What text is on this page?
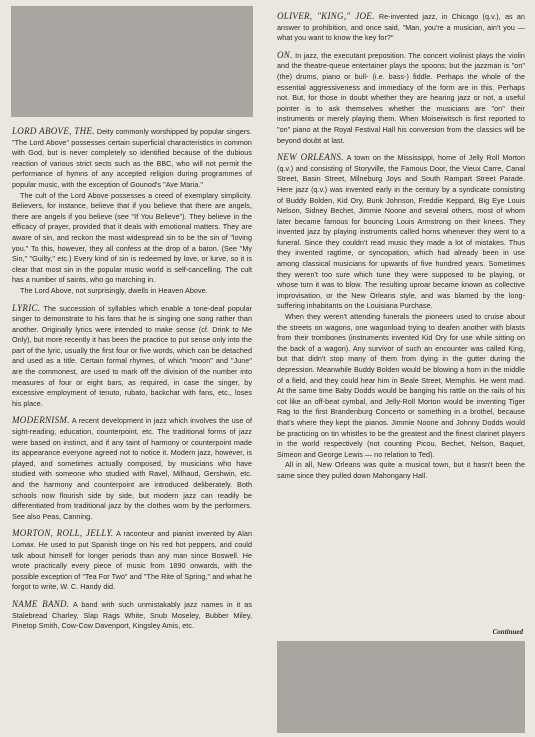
LORD ABOVE, THE. Deity commonly worshipped by popular singers. "The Lord Above" possesses certain superficial characteristics in common with God, but is never completely so identified because of the dubious reaction of various strict sects such as the BBC, who will not permit the performance of hymns of any accepted religion during programmes of popular music, with the exception of Gounod's "Ave Maria."

The cult of the Lord Above possesses a creed of exemplary simplicity. Believers, for instance, believe that if you believe that there are angels, there are angels if you believe (see "If You Believe"). They believe in the efficacy of prayer, provided that it deals with emotional matters. They are aware of sin, and reckon the most widespread sin to be the sin of "loving you." To this, however, they all confess at the drop of a baton. (See "My Sin," "Guilty," etc.) Every kind of sin is redeemed by love, or lurve, so it is clear that most sin in the popular music world is self-cancelling. The cult has a number of saints, who go marching in.

The Lord Above, not surprisingly, dwells in Heaven Above.

LYRIC. The succession of syllables which enable a tone-deaf popular singer to demonstrate to his fans that he is singing one song rather than another. Originally lyrics were intended to make sense (cf. Drink to Me Only), but more recently it has been the practice to put sense only into the part of the lyric, usually the first four or five words, which can be detached and used as a title. Certain formal rhymes, of which "moon" and "June" are the commonest, are used to mark off the division of the number into measures of four or eight bars, as required, in case the singer, by excessive employment of tenuto, rubato, backchat with fans, etc., loses his place.

MODERNISM. A recent development in jazz which involves the use of sight-reading, education, counterpoint, etc. The traditional forms of jazz were based on instinct, and if any taint of harmony or counterpoint made its appearance everyone agreed not to notice it. Modern jazz, however, is played, and sometimes actually composed, by musicians who have studied with someone who studied with Ravel, Milhaud, Gershwin, etc. and the harmony and counterpoint are introduced deliberately. Both schools now flourish side by side, but modern jazz can readily be differentiated from traditional jazz by the clothes worn by the performers. See also Peas, Canning.

MORTON, ROLL, JELLY. A raconteur and pianist invented by Alan Lomax. He used to put Spanish tinge on his red hot peppers, and could talk about himself for longer periods than any man since Boswell. He wrote practically every piece of music from 1890 onwards, with the possible exception of "Tea For Two" and "The Rite of Spring," and what he forgot to write, W. C. Handy did.

NAME BAND. A band with such unmistakably jazz names in it as Stalebread Charley, Slap Rags White, Snub Moseley, Bubber Miley, Pinetop Smith, Cow-Cow Davenport, Kingsley Amis, etc.

OLIVER, "KING," JOE. Re-invented jazz, in Chicago (q.v.), as an answer to prohibition, and once said, "Man, you're a musician, ain't you — what you want to know the key for?"

ON. In jazz, the executant preposition. The concert violinist plays the violin and the theatre-queue entertainer plays the spoons; but the jazzman is "on" (the) drums, piano or bull- (i.e. bass-) fiddle. Perhaps the whole of the essential aggressiveness and immediacy of the form are in this. Perhaps not. But, for those in doubt whether they are hearing jazz or not, a useful pointer is to ask themselves whether the musicians are "on" their instruments or merely playing them. When Moiseiwitsch is first reported to "on" piano at the Royal Festival Hall his conversion from the classics will be beyond doubt at last.

NEW ORLEANS. A town on the Mississippi, home of Jelly Roll Morton (q.v.) and consisting of Storyville, the Famous Door, the Vieux Carre, Canal Street, Basin Street, Milneburg Joys and South Rampart Street Parade. Here jazz (q.v.) was invented early in the century by a syndicate consisting of Buddy Bolden, Kid Ory, Bunk Johnson, Freddie Keppard, Big Eye Louis Nelson, Sidney Bechet, Jimmie Noone and several others, most of whom later became famous for bouncing Louis Armstrong on their knees. They invented jazz by playing instruments called horns whenever they went to a funeral. Since they couldn't read music they made a lot of mistakes. Thus they invented ragtime, or syncopation, which had already been in use among classical musicians for upwards of five hundred years. Sometimes they weren't too sure which tune they were supposed to be playing, or whose turn it was to blow. The resulting uproar became known as collective improvisation, or the New Orleans style, and was blamed by the long-suffering inhabitants on the Louisiana Purchase.

When they weren't attending funerals the pioneers used to cruise about the streets on wagons, one wagonload trying to deafen another with blasts from their trombones (instruments invented Kid Ory for use while sitting on the back of a wagon). Any survivor of such an encounter was called King, but that didn't stop many of them from dying in the gutter during the depression. Meanwhile Buddy Bolden would be blowing a horn in the middle of a field, and they could hear him in Beale Street, Memphis. He went mad. At the same time Baby Dodds would be banging his rattle on the rails of his cot like an off-beat cymbal, and Jelly-Roll Morton would be inventing Tiger Rag to the first Brandenburg Concerto or something in a brothel, because that's where they kept the pianos. Jimmie Noone and Johnny Dodds would be practicing on tin whistles to be the greatest and the finest clarinet players in the world respectively (not counting Picou, Bechet, Nelson, Baquet, Simeon and George Lewis — no relation to Ted).

All in all, New Orleans was quite a musical town, but it hasn't been the same since they pulled down Mahongany Hall.

Continued
